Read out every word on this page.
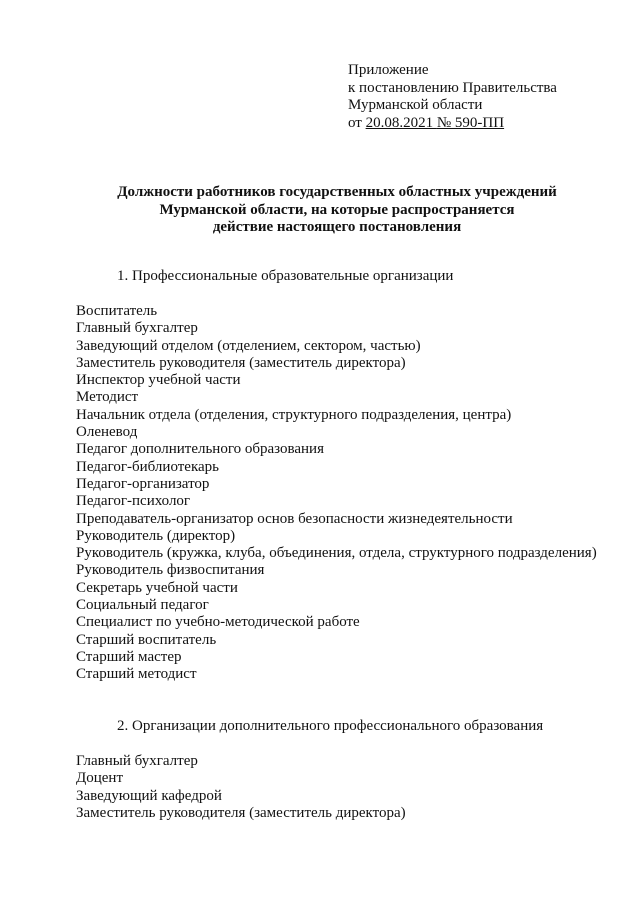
Приложение
к постановлению Правительства
Мурманской области
от 20.08.2021 № 590-ПП
Должности работников государственных областных учреждений
Мурманской области, на которые распространяется
действие настоящего постановления
1. Профессиональные образовательные организации
Воспитатель
Главный бухгалтер
Заведующий отделом (отделением, сектором, частью)
Заместитель руководителя (заместитель директора)
Инспектор учебной части
Методист
Начальник отдела (отделения, структурного подразделения, центра)
Оленевод
Педагог дополнительного образования
Педагог-библиотекарь
Педагог-организатор
Педагог-психолог
Преподаватель-организатор основ безопасности жизнедеятельности
Руководитель (директор)
Руководитель (кружка, клуба, объединения, отдела, структурного подразделения)
Руководитель физвоспитания
Секретарь учебной части
Социальный педагог
Специалист по учебно-методической работе
Старший воспитатель
Старший мастер
Старший методист
2. Организации дополнительного профессионального образования
Главный бухгалтер
Доцент
Заведующий кафедрой
Заместитель руководителя (заместитель директора)
